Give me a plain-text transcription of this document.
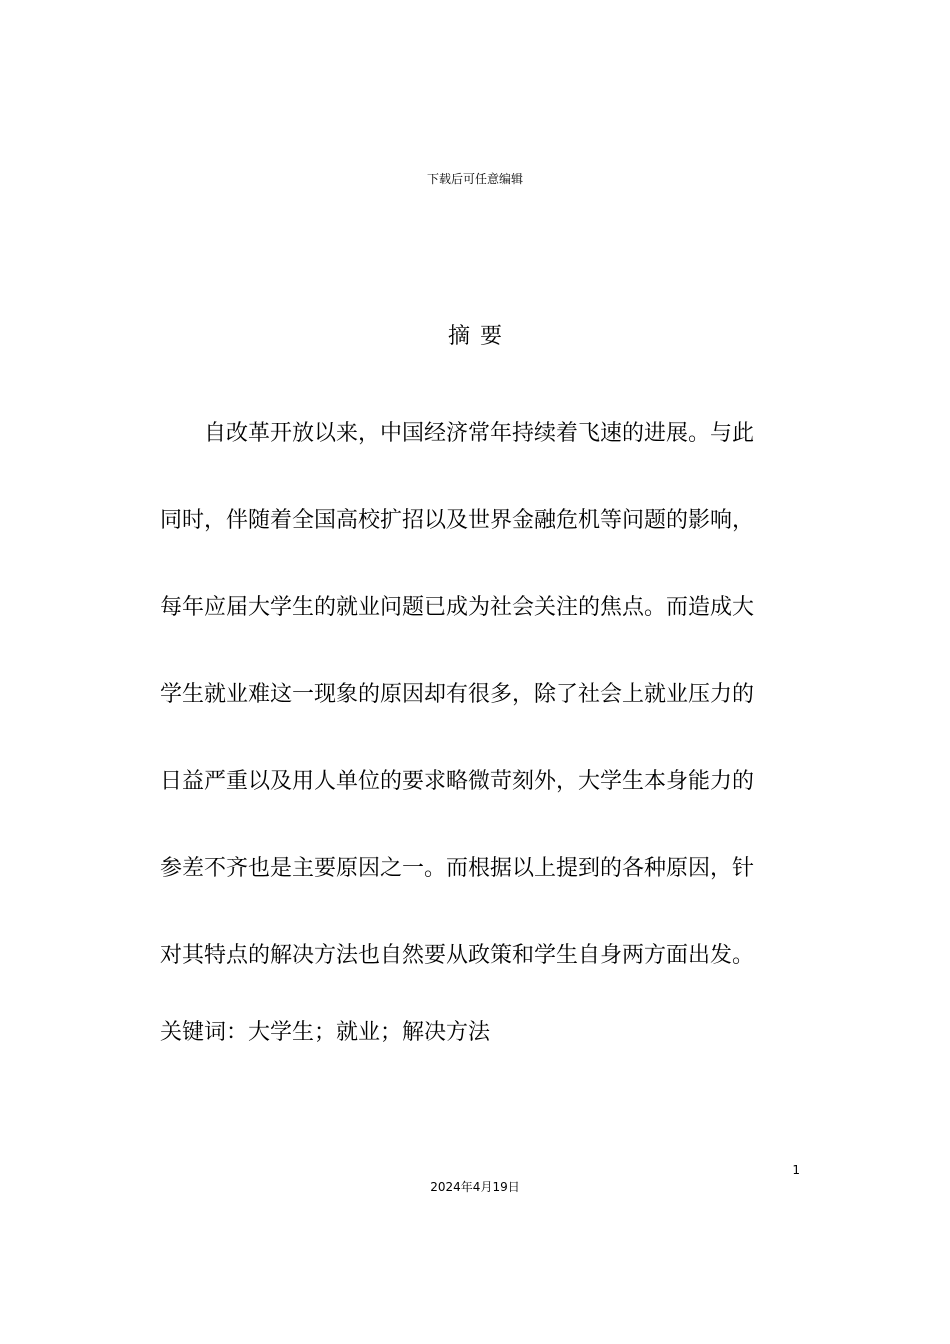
下载后可任意编辑
摘 要

自改革开放以来，中国经济常年持续着飞速的进展。与此
同时，伴随着全国高校扩招以及世界金融危机等问题的影响，
每年应届大学生的就业问题已成为社会关注的焦点。而造成大
学生就业难这一现象的原因却有很多，除了社会上就业压力的
日益严重以及用人单位的要求略微苛刻外，大学生本身能力的
参差不齐也是主要原因之一。而根据以上提到的各种原因，针
对其特点的解决方法也自然要从政策和学生自身两方面出发。

关键词：大学生；就业；解决方法
1
2024年4月19日
